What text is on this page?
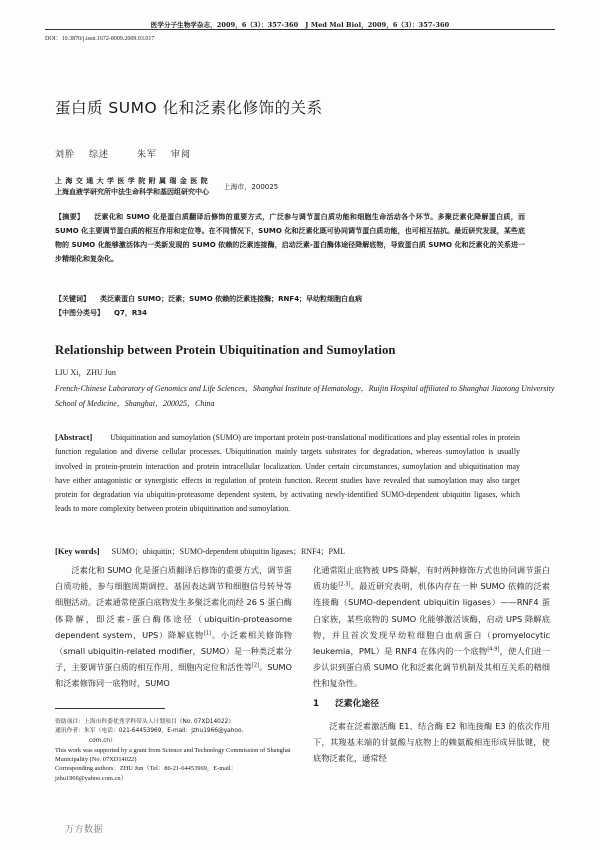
医学分子生物学杂志，2009，6（3）：357-360 J Med Mol Biol，2009，6（3）：357-360
DOI：10.3870/j.issn.1672-8009.2009.03.017
蛋白质 SUMO 化和泛素化修饰的关系
刘肸 综述	朱军 审阅
上海交通大学医学院附属瑞金医院
上海血液学研究所中法生命科学和基因组研究中心
上海市，200025
【摘要】 泛素化和 SUMO 化是蛋白质翻译后修饰的重要方式，广泛参与调节蛋白质功能和细胞生命活动各个环节。多聚泛素化降解蛋白质，而 SUMO 化主要调节蛋白质的相互作用和定位等。在不同情况下，SUMO 化和泛素化既可协同调节蛋白质功能，也可相互拮抗。最近研究发现，某些底物的 SUMO 化能够激活体内一类新发现的 SUMO 依赖的泛素连接酶，启动泛素-蛋白酶体途径降解底物，导致蛋白质 SUMO 化和泛素化的关系进一步精细化和复杂化。
【关键词】 类泛素蛋白 SUMO；泛素；SUMO 依赖的泛素连接酶；RNF4；早幼粒细胞白血病
【中图分类号】 Q7，R34
Relationship between Protein Ubiquitination and Sumoylation
LIU Xi，ZHU Jun
French-Chinese Laboratory of Genomics and Life Sciences，Shanghai Institute of Hematology，Ruijin Hospital affiliated to Shanghai Jiaotong University School of Medicine，Shanghai，200025，China
[Abstract] Ubiquitination and sumoylation (SUMO) are important protein post-translational modifications and play essential roles in protein function regulation and diverse cellular processes. Ubiquitination mainly targets substrates for degradation, whereas sumoylation is usually involved in protein-protein interaction and protein intracellular localization. Under certain circumstances, sumoylation and ubiquitination may have either antagonistic or synergistic effects in regulation of protein function. Recent studies have revealed that sumoylation may also target protein for degradation via ubiquitin-proteasome dependent system, by activating newly-identified SUMO-dependent ubiquitin ligases, which leads to more complexity between protein ubiquitination and sumoylation.
[Key words] SUMO；ubiquitin；SUMO-dependent ubiquitin ligases；RNF4；PML

泛素化和 SUMO 化是蛋白质翻译后修饰的重要方式，调节蛋白质功能，参与细胞周期调控、基因表达调节和细胞信号转导等细胞活动。泛素通常使蛋白底物发生多聚泛素化而经 26 S 蛋白酶体降解，即泛素-蛋白酶体途径（ubiquitin-proteasome dependent system，UPS）降解底物[1]。小泛素相关修饰物（small ubiquitin-related modifier，SUMO）是一种类泛素分子，主要调节蛋白质的相互作用、细胞内定位和活性等[2]。SUMO 和泛素修饰同一底物时，SUMO

资助项目：上海市科委优秀学科带头人计划项目（No. 07XD14022）
通讯作者：朱军（电话：021-64453969，E-mail：jzhu1966@yahoo.
com.cn）
This work was supported by a grant from Science and Technology Commission of Shanghai Municipality (No. 07XD14022)
Corresponding authors：ZHU Jun（Tel：86-21-64453969，E-mail：jzhu1966@yahoo.com.cn）

化通常阻止底物被 UPS 降解，有时两种修饰方式也协同调节蛋白质功能[2-3]。最近研究表明，机体内存在一种 SUMO 依赖的泛素连接酶（SUMO-dependent ubiquitin ligases）——RNF4 蛋白家族，某些底物的 SUMO 化能够激活该酶，启动 UPS 降解底物，并且首次发现早幼粒细胞白血病蛋白（promyelocytic leukemia，PML）是 RNF4 在体内的一个底物[4-9]，使人们进一步认识到蛋白质 SUMO 化和泛素化调节机制及其相互关系的精细性和复杂性。

1 泛素化途径

泛素在泛素激活酶 E1、结合酶 E2 和连接酶 E3 的依次作用下，其羧基末端的甘氨酸与底物上的赖氨酸相连形成异肽键，使底物泛素化，通常经

万方数据
